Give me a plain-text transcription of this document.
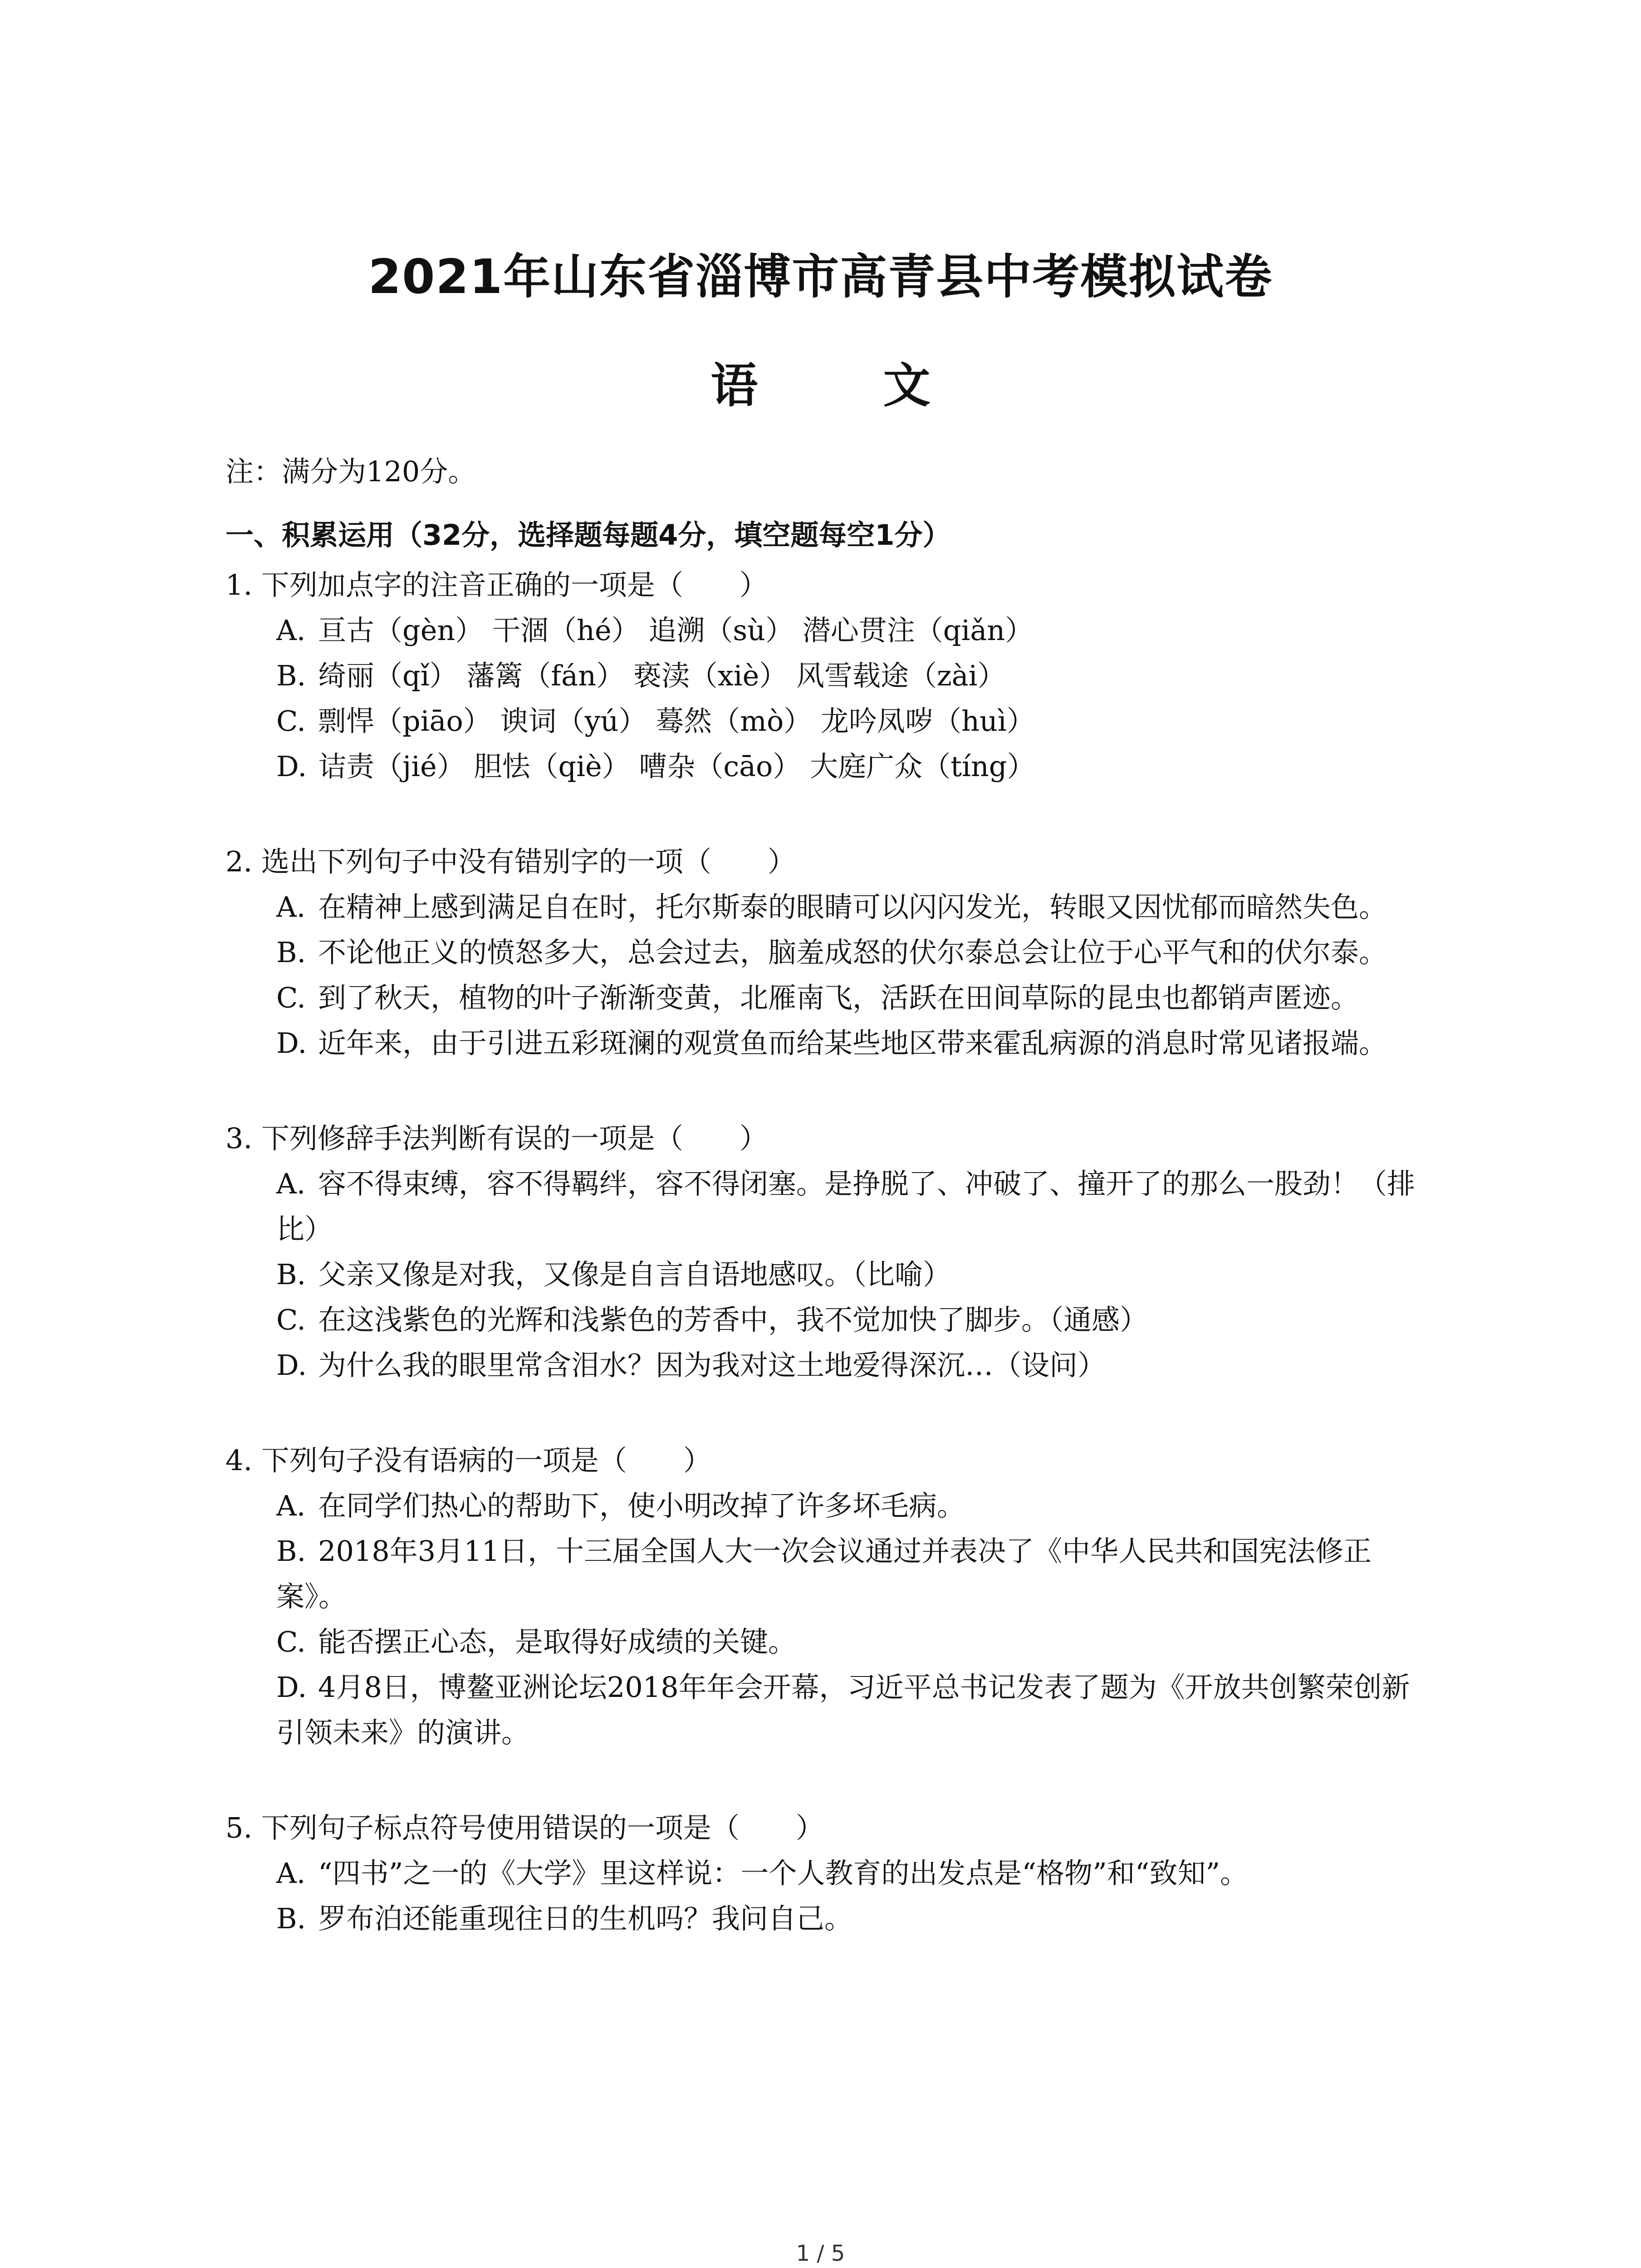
2021年山东省淄博市高青县中考模拟试卷
语 文
注：满分为120分。
一、积累运用（32分，选择题每题4分，填空题每空1分）
1. 下列加点字的注音正确的一项是（　　）
A. 亘古（gèn） 干涸（hé） 追溯（sù） 潜心贯注（qiǎn）
B. 绮丽（qǐ） 藩篱（fán） 亵渎（xiè） 风雪载途（zài）
C. 剽悍（piāo） 谀词（yú） 蓦然（mò） 龙吟凤哕（huì）
D. 诘责（jié） 胆怯（qiè） 嘈杂（cāo） 大庭广众（tíng）
2. 选出下列句子中没有错别字的一项（　　）
A. 在精神上感到满足自在时，托尔斯泰的眼睛可以闪闪发光，转眼又因忧郁而暗然失色。
B. 不论他正义的愤怒多大，总会过去，脑羞成怒的伏尔泰总会让位于心平气和的伏尔泰。
C. 到了秋天，植物的叶子渐渐变黄，北雁南飞，活跃在田间草际的昆虫也都销声匿迹。
D. 近年来，由于引进五彩斑澜的观赏鱼而给某些地区带来霍乱病源的消息时常见诸报端。
3. 下列修辞手法判断有误的一项是（　　）
A. 容不得束缚，容不得羁绊，容不得闭塞。是挣脱了、冲破了、撞开了的那么一股劲！（排比）
B. 父亲又像是对我，又像是自言自语地感叹。（比喻）
C. 在这浅紫色的光辉和浅紫色的芳香中，我不觉加快了脚步。（通感）
D. 为什么我的眼里常含泪水？因为我对这土地爱得深沉…（设问）
4. 下列句子没有语病的一项是（　　）
A. 在同学们热心的帮助下，使小明改掉了许多坏毛病。
B. 2018年3月11日，十三届全国人大一次会议通过并表决了《中华人民共和国宪法修正案》。
C. 能否摆正心态，是取得好成绩的关键。
D. 4月8日，博鳌亚洲论坛2018年年会开幕，习近平总书记发表了题为《开放共创繁荣创新引领未来》的演讲。
5. 下列句子标点符号使用错误的一项是（　　）
A. “四书”之一的《大学》里这样说：一个人教育的出发点是“格物”和“致知”。
B. 罗布泊还能重现往日的生机吗？我问自己。
1 / 5
